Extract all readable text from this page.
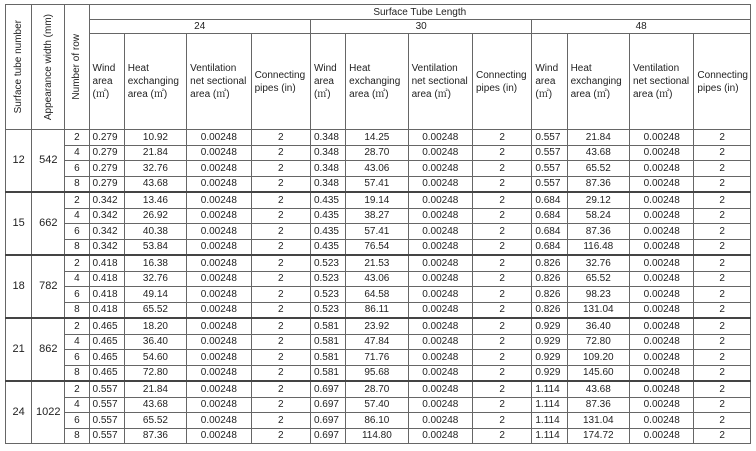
Surface tube number	Appearance width (mm)	Number of row	Surface Tube Length											
			24				30				48			
			Wind area (㎡)	Heat exchanging area (㎡)	Ventilation net sectional area (㎡)	Connecting pipes (in)	Wind area (㎡)	Heat exchanging area (㎡)	Ventilation net sectional area (㎡)	Connecting pipes (in)	Wind area (㎡)	Heat exchanging area (㎡)	Ventilation net sectional area (㎡)	Connecting pipes (in)
12	542	2	0.279	10.92	0.00248	2	0.348	14.25	0.00248	2	0.557	21.84	0.00248	2
		4	0.279	21.84	0.00248	2	0.348	28.70	0.00248	2	0.557	43.68	0.00248	2
		6	0.279	32.76	0.00248	2	0.348	43.06	0.00248	2	0.557	65.52	0.00248	2
		8	0.279	43.68	0.00248	2	0.348	57.41	0.00248	2	0.557	87.36	0.00248	2
15	662	2	0.342	13.46	0.00248	2	0.435	19.14	0.00248	2	0.684	29.12	0.00248	2
		4	0.342	26.92	0.00248	2	0.435	38.27	0.00248	2	0.684	58.24	0.00248	2
		6	0.342	40.38	0.00248	2	0.435	57.41	0.00248	2	0.684	87.36	0.00248	2
		8	0.342	53.84	0.00248	2	0.435	76.54	0.00248	2	0.684	116.48	0.00248	2
18	782	2	0.418	16.38	0.00248	2	0.523	21.53	0.00248	2	0.826	32.76	0.00248	2
		4	0.418	32.76	0.00248	2	0.523	43.06	0.00248	2	0.826	65.52	0.00248	2
		6	0.418	49.14	0.00248	2	0.523	64.58	0.00248	2	0.826	98.23	0.00248	2
		8	0.418	65.52	0.00248	2	0.523	86.11	0.00248	2	0.826	131.04	0.00248	2
21	862	2	0.465	18.20	0.00248	2	0.581	23.92	0.00248	2	0.929	36.40	0.00248	2
		4	0.465	36.40	0.00248	2	0.581	47.84	0.00248	2	0.929	72.80	0.00248	2
		6	0.465	54.60	0.00248	2	0.581	71.76	0.00248	2	0.929	109.20	0.00248	2
		8	0.465	72.80	0.00248	2	0.581	95.68	0.00248	2	0.929	145.60	0.00248	2
24	1022	2	0.557	21.84	0.00248	2	0.697	28.70	0.00248	2	1.114	43.68	0.00248	2
		4	0.557	43.68	0.00248	2	0.697	57.40	0.00248	2	1.114	87.36	0.00248	2
		6	0.557	65.52	0.00248	2	0.697	86.10	0.00248	2	1.114	131.04	0.00248	2
		8	0.557	87.36	0.00248	2	0.697	114.80	0.00248	2	1.114	174.72	0.00248	2
